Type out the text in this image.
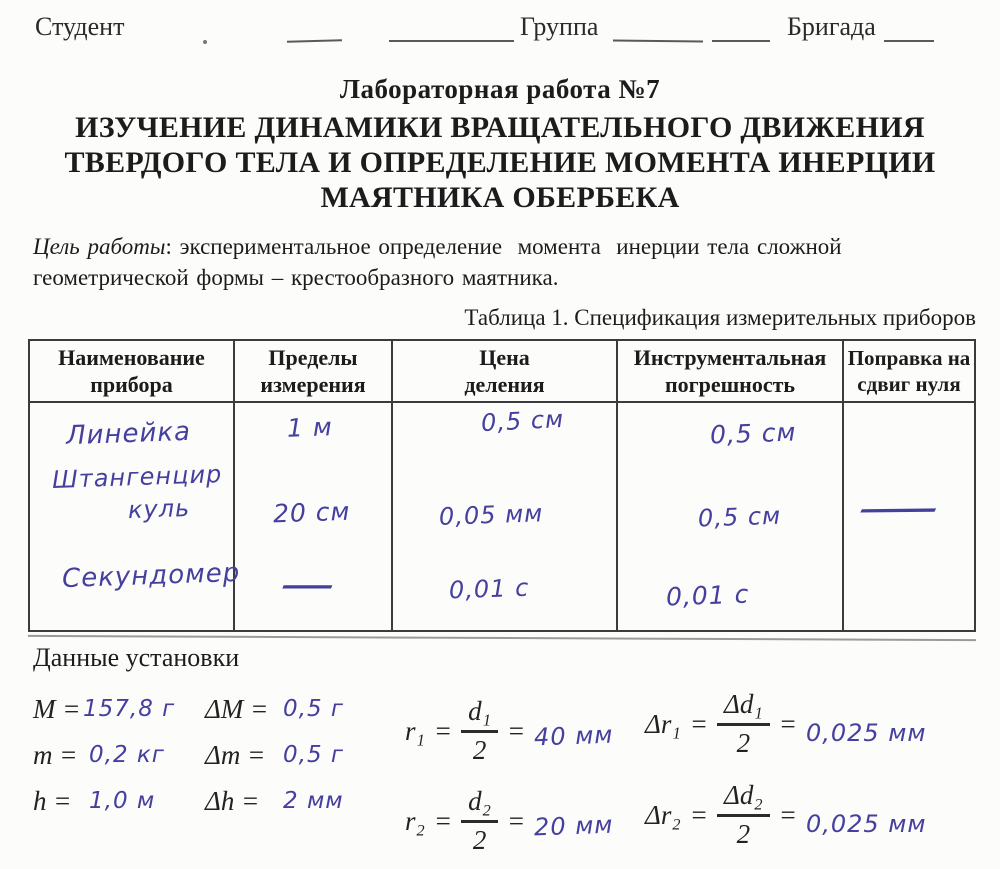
Студент	Группа	Бригада
Лабораторная работа №7
ИЗУЧЕНИЕ ДИНАМИКИ ВРАЩАТЕЛЬНОГО ДВИЖЕНИЯ
ТВЕРДОГО ТЕЛА И ОПРЕДЕЛЕНИЕ МОМЕНТА ИНЕРЦИИ
МАЯТНИКА ОБЕРБЕКА
Цель работы: экспериментальное определение  момента  инерции тела сложной
геометрической формы – крестообразного маятника.
Таблица 1. Спецификация измерительных приборов
Наименование прибора
Пределы измерения
Цена деления
Инструментальная погрешность
Поправка на сдвиг нуля
Линейка
Штангенцир
куль
Секундомер
1 м
20 см
—
0,5 см
0,05 мм
0,01 с
0,5 см
0,5 см
0,01 с
—
Данные установки
M = 157,8 г ΔM = 0,5 г
m = 0,2 кг Δm = 0,5 г
h = 1,0 м Δh = 2 мм
$r_1 = \frac{\text{d₁}}{2} = 40$ мм $\Delta r_1 = \frac{\text{Δd₁}}{2} = 0,025$ мм
$r_2 = \frac{\text{d₂}}{2} = 20$ мм $\Delta r_2 = \frac{\text{Δd₂}}{2} = 0,025$ мм
